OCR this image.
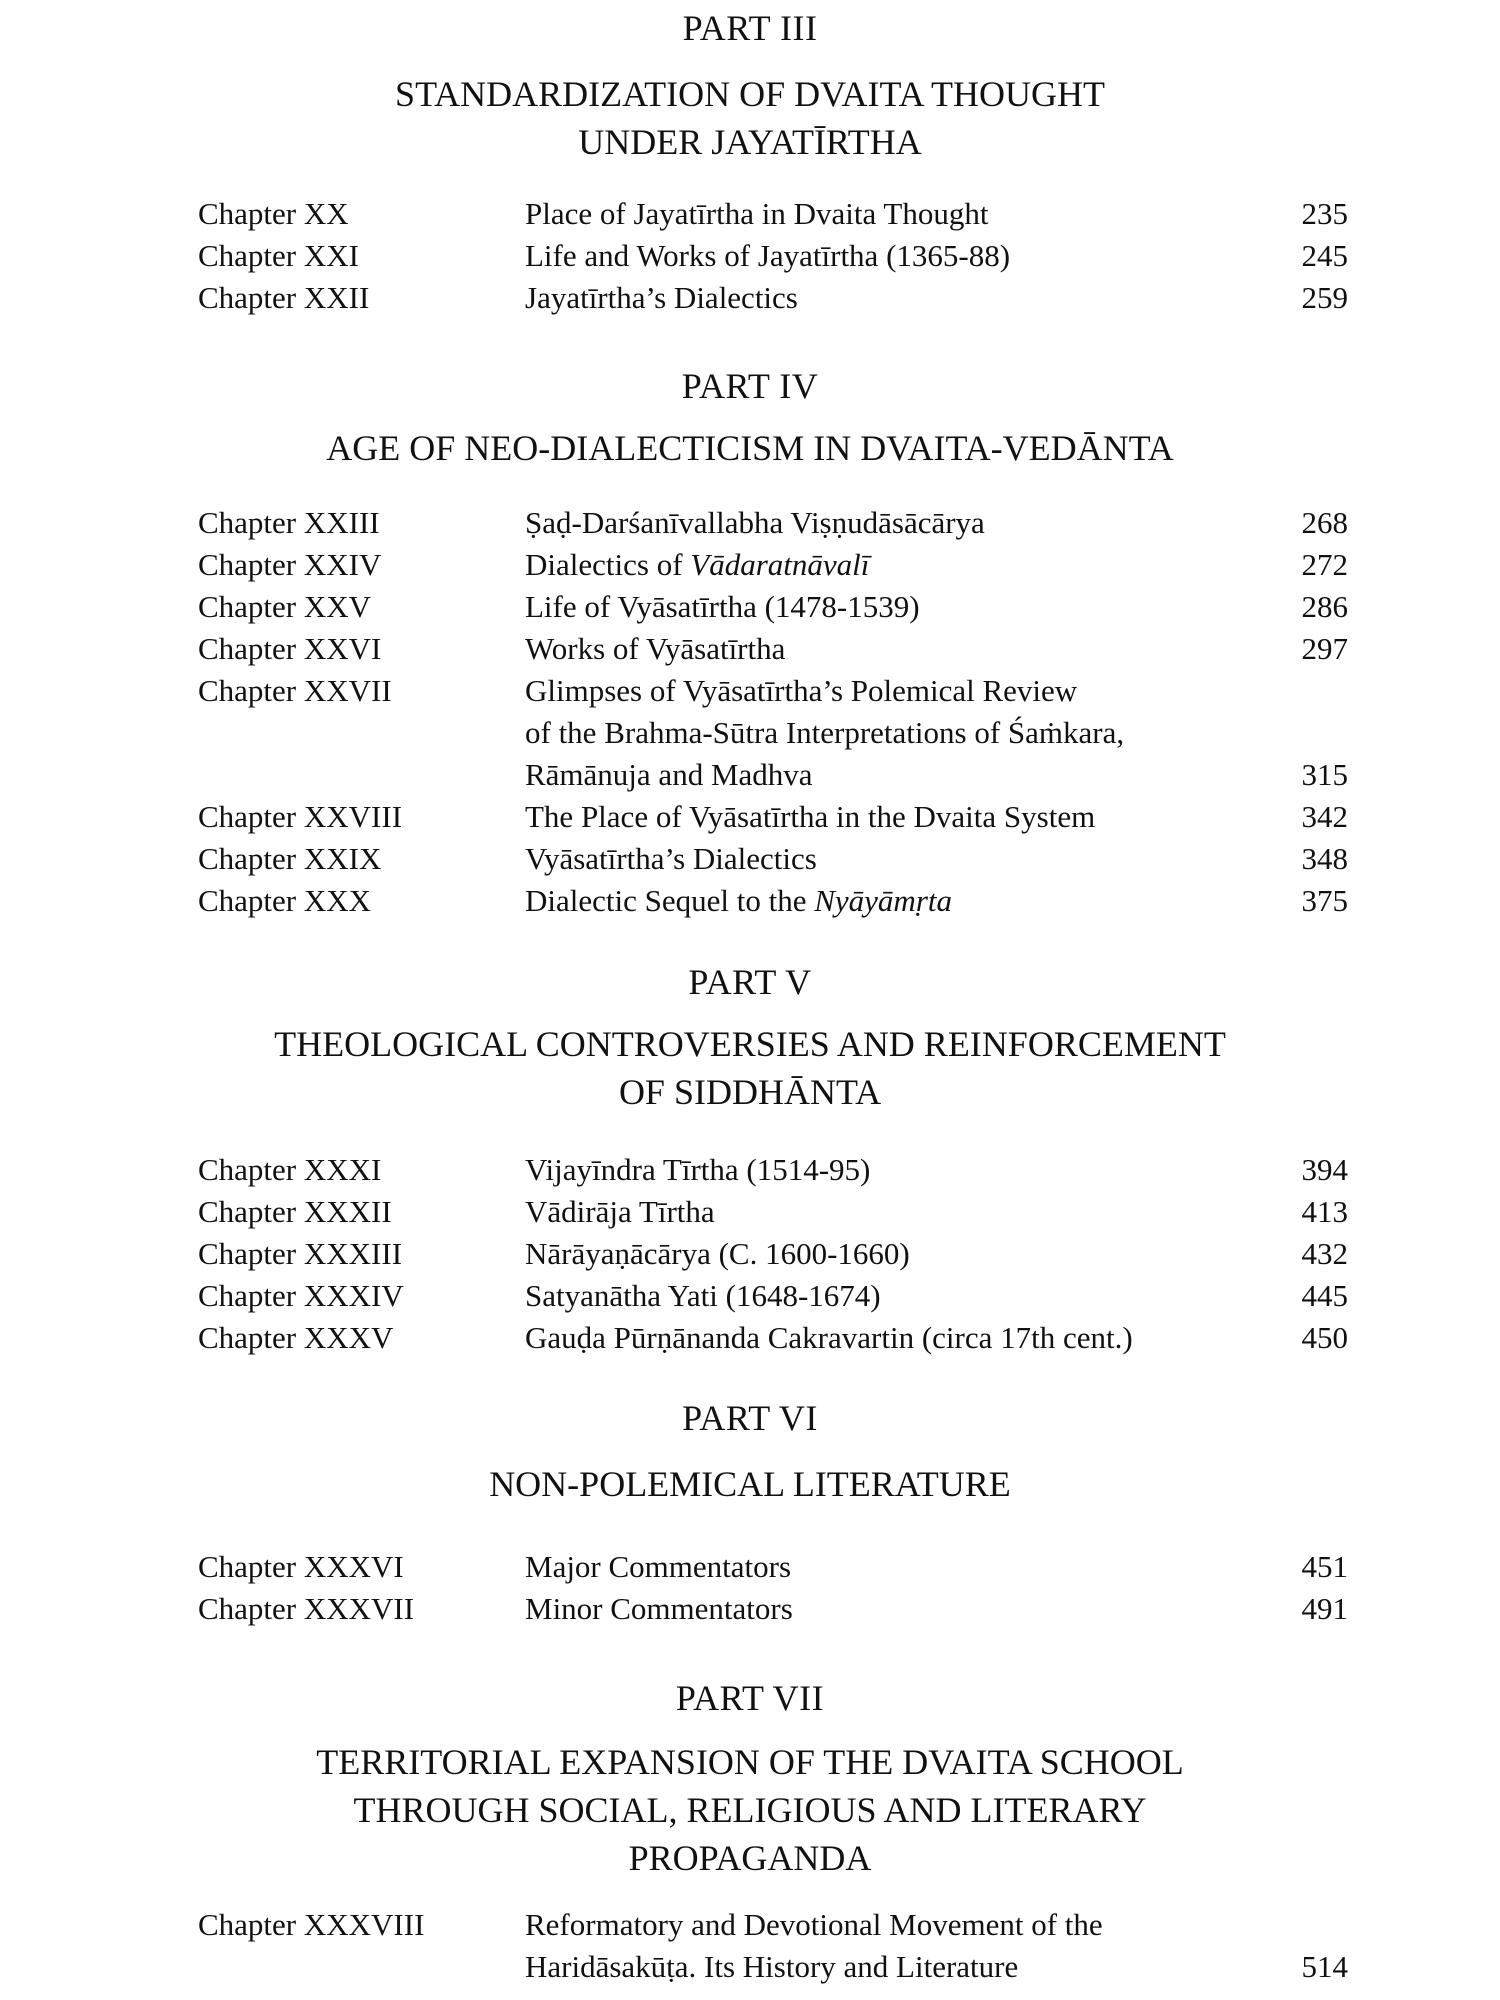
PART III
STANDARDIZATION OF DVAITA THOUGHT
UNDER JAYATĪRTHA
Chapter XX	Place of Jayatīrtha in Dvaita Thought	235
Chapter XXI	Life and Works of Jayatīrtha (1365-88)	245
Chapter XXII	Jayatīrtha’s Dialectics	259
PART IV
AGE OF NEO-DIALECTICISM IN DVAITA-VEDĀNTA
Chapter XXIII	Ṣaḍ-Darśanīvallabha Viṣṇudāsācārya	268
Chapter XXIV	Dialectics of Vādaratnāvalī	272
Chapter XXV	Life of Vyāsatīrtha (1478-1539)	286
Chapter XXVI	Works of Vyāsatīrtha	297
Chapter XXVII	Glimpses of Vyāsatīrtha’s Polemical Review
of the Brahma-Sūtra Interpretations of Śaṁkara,
Rāmānuja and Madhva	315
Chapter XXVIII	The Place of Vyāsatīrtha in the Dvaita System	342
Chapter XXIX	Vyāsatīrtha’s Dialectics	348
Chapter XXX	Dialectic Sequel to the Nyāyāmṛta	375
PART V
THEOLOGICAL CONTROVERSIES AND REINFORCEMENT
OF SIDDHĀNTA
Chapter XXXI	Vijayīndra Tīrtha (1514-95)	394
Chapter XXXII	Vādirāja Tīrtha	413
Chapter XXXIII	Nārāyaṇācārya (C. 1600-1660)	432
Chapter XXXIV	Satyanātha Yati (1648-1674)	445
Chapter XXXV	Gauḍa Pūrṇānanda Cakravartin (circa 17th cent.)	450
PART VI
NON-POLEMICAL LITERATURE
Chapter XXXVI	Major Commentators	451
Chapter XXXVII	Minor Commentators	491
PART VII
TERRITORIAL EXPANSION OF THE DVAITA SCHOOL
THROUGH SOCIAL, RELIGIOUS AND LITERARY
PROPAGANDA
Chapter XXXVIII	Reformatory and Devotional Movement of the
Haridāsakūṭa. Its History and Literature	514
